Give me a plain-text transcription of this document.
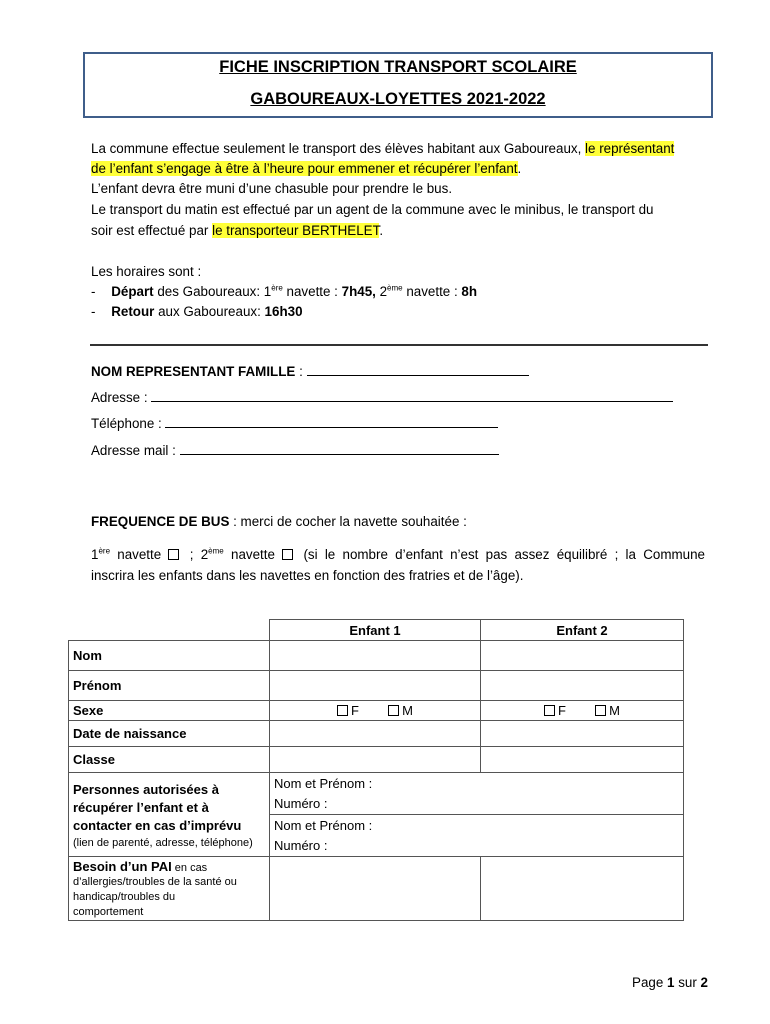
FICHE INSCRIPTION TRANSPORT SCOLAIRE
GABOUREAUX-LOYETTES 2021-2022
La commune effectue seulement le transport des élèves habitant aux Gaboureaux, le représentant
de l’enfant s’engage à être à l’heure pour emmener et récupérer l’enfant.
L’enfant devra être muni d’une chasuble pour prendre le bus.
Le transport du matin est effectué par un agent de la commune avec le minibus, le transport du
soir est effectué par le transporteur BERTHELET.
Les horaires sont :
- Départ des Gaboureaux: 1ère navette : 7h45, 2ème navette : 8h
- Retour aux Gaboureaux: 16h30
NOM REPRESENTANT FAMILLE :
Adresse :
Téléphone :
Adresse mail :
FREQUENCE DE BUS : merci de cocher la navette souhaitée :
1ère navette  ; 2ème navette  (si le nombre d’enfant n’est pas assez équilibré ; la Commune
inscrira les enfants dans les navettes en fonction des fratries et de l’âge).
	Enfant 1	Enfant 2
Nom		
Prénom		
Sexe	F M	F M
Date de naissance		
Classe		

Personnes autorisées à
récupérer l’enfant et à
contacter en cas d’imprévu
(lien de parenté, adresse, téléphone)	Nom et Prénom :
Numéro :	

	Nom et Prénom :
Numéro :	

Besoin d’un PAI en cas
d’allergies/troubles de la santé ou
handicap/troubles du
comportement		

Page 1 sur 2
